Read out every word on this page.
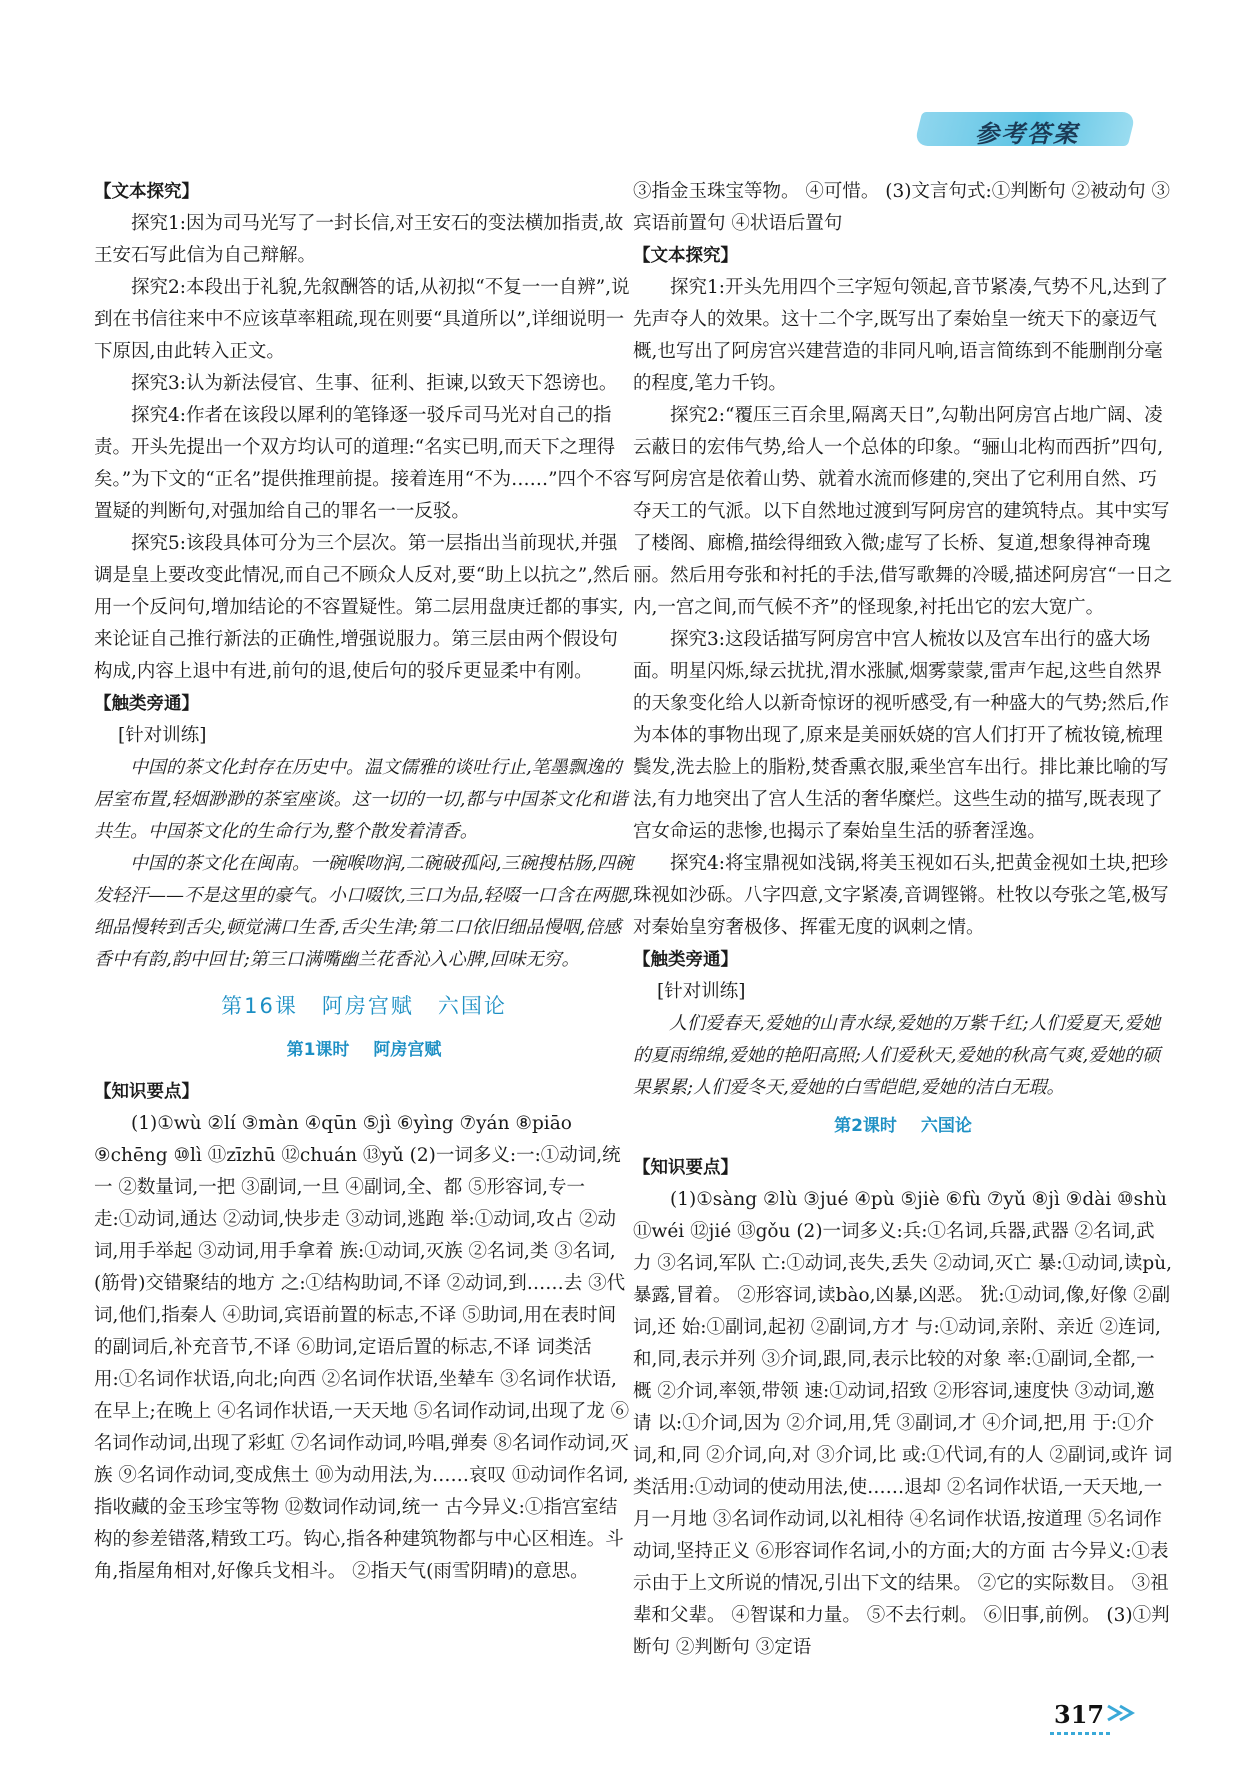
参考答案

【文本探究】

探究1:因为司马光写了一封长信,对王安石的变法横加指责,故王安石写此信为自己辩解。

探究2:本段出于礼貌,先叙酬答的话,从初拟“不复一一自辨”,说到在书信往来中不应该草率粗疏,现在则要“具道所以”,详细说明一下原因,由此转入正文。

探究3:认为新法侵官、生事、征利、拒谏,以致天下怨谤也。

探究4:作者在该段以犀利的笔锋逐一驳斥司马光对自己的指责。开头先提出一个双方均认可的道理:“名实已明,而天下之理得矣。”为下文的“正名”提供推理前提。接着连用“不为……”四个不容置疑的判断句,对强加给自己的罪名一一反驳。

探究5:该段具体可分为三个层次。第一层指出当前现状,并强调是皇上要改变此情况,而自己不顾众人反对,要“助上以抗之”,然后用一个反问句,增加结论的不容置疑性。第二层用盘庚迁都的事实,来论证自己推行新法的正确性,增强说服力。第三层由两个假设句构成,内容上退中有进,前句的退,使后句的驳斥更显柔中有刚。

【触类旁通】

[针对训练]

中国的茶文化封存在历史中。温文儒雅的谈吐行止,笔墨飘逸的居室布置,轻烟渺渺的茶室座谈。这一切的一切,都与中国茶文化和谐共生。中国茶文化的生命行为,整个散发着清香。

中国的茶文化在闽南。一碗喉吻润,二碗破孤闷,三碗搜枯肠,四碗发轻汗——不是这里的豪气。小口啜饮,三口为品,轻啜一口含在两腮,细品慢转到舌尖,顿觉满口生香,舌尖生津;第二口依旧细品慢咽,倍感香中有韵,韵中回甘;第三口满嘴幽兰花香沁入心脾,回味无穷。

第16课 阿房宫赋 六国论
第1课时 阿房宫赋

【知识要点】

(1)①wù ②lí ③màn ④qūn ⑤jì ⑥yìng ⑦yán ⑧piāo ⑨chēng ⑩lì ⑪zīzhū ⑫chuán ⑬yǔ (2)一词多义:一:①动词,统一 ②数量词,一把 ③副词,一旦 ④副词,全、都 ⑤形容词,专一 走:①动词,通达 ②动词,快步走 ③动词,逃跑 举:①动词,攻占 ②动词,用手举起 ③动词,用手拿着 族:①动词,灭族 ②名词,类 ③名词,(筋骨)交错聚结的地方 之:①结构助词,不译 ②动词,到……去 ③代词,他们,指秦人 ④助词,宾语前置的标志,不译 ⑤助词,用在表时间的副词后,补充音节,不译 ⑥助词,定语后置的标志,不译 词类活用:①名词作状语,向北;向西 ②名词作状语,坐辇车 ③名词作状语,在早上;在晚上 ④名词作状语,一天天地 ⑤名词作动词,出现了龙 ⑥名词作动词,出现了彩虹 ⑦名词作动词,吟唱,弹奏 ⑧名词作动词,灭族 ⑨名词作动词,变成焦土 ⑩为动用法,为……哀叹 ⑪动词作名词,指收藏的金玉珍宝等物 ⑫数词作动词,统一 古今异义:①指宫室结构的参差错落,精致工巧。钩心,指各种建筑物都与中心区相连。斗角,指屋角相对,好像兵戈相斗。 ②指天气(雨雪阴晴)的意思。

③指金玉珠宝等物。 ④可惜。 (3)文言句式:①判断句 ②被动句 ③宾语前置句 ④状语后置句

【文本探究】

探究1:开头先用四个三字短句领起,音节紧凑,气势不凡,达到了先声夺人的效果。这十二个字,既写出了秦始皇一统天下的豪迈气概,也写出了阿房宫兴建营造的非同凡响,语言简练到不能删削分毫的程度,笔力千钧。

探究2:“覆压三百余里,隔离天日”,勾勒出阿房宫占地广阔、凌云蔽日的宏伟气势,给人一个总体的印象。“骊山北构而西折”四句,写阿房宫是依着山势、就着水流而修建的,突出了它利用自然、巧夺天工的气派。以下自然地过渡到写阿房宫的建筑特点。其中实写了楼阁、廊檐,描绘得细致入微;虚写了长桥、复道,想象得神奇瑰丽。然后用夸张和衬托的手法,借写歌舞的冷暖,描述阿房宫“一日之内,一宫之间,而气候不齐”的怪现象,衬托出它的宏大宽广。

探究3:这段话描写阿房宫中宫人梳妆以及宫车出行的盛大场面。明星闪烁,绿云扰扰,渭水涨腻,烟雾蒙蒙,雷声乍起,这些自然界的天象变化给人以新奇惊讶的视听感受,有一种盛大的气势;然后,作为本体的事物出现了,原来是美丽妖娆的宫人们打开了梳妆镜,梳理鬓发,洗去脸上的脂粉,焚香熏衣服,乘坐宫车出行。排比兼比喻的写法,有力地突出了宫人生活的奢华糜烂。这些生动的描写,既表现了宫女命运的悲惨,也揭示了秦始皇生活的骄奢淫逸。

探究4:将宝鼎视如浅锅,将美玉视如石头,把黄金视如土块,把珍珠视如沙砾。八字四意,文字紧凑,音调铿锵。杜牧以夸张之笔,极写对秦始皇穷奢极侈、挥霍无度的讽刺之情。

【触类旁通】

[针对训练]

人们爱春天,爱她的山青水绿,爱她的万紫千红;人们爱夏天,爱她的夏雨绵绵,爱她的艳阳高照;人们爱秋天,爱她的秋高气爽,爱她的硕果累累;人们爱冬天,爱她的白雪皑皑,爱她的洁白无瑕。

第2课时 六国论

【知识要点】

(1)①sàng ②lù ③jué ④pù ⑤jiè ⑥fù ⑦yǔ ⑧jì ⑨dài ⑩shù ⑪wéi ⑫jié ⑬gǒu (2)一词多义:兵:①名词,兵器,武器 ②名词,武力 ③名词,军队 亡:①动词,丧失,丢失 ②动词,灭亡 暴:①动词,读pù,暴露,冒着。 ②形容词,读bào,凶暴,凶恶。 犹:①动词,像,好像 ②副词,还 始:①副词,起初 ②副词,方才 与:①动词,亲附、亲近 ②连词,和,同,表示并列 ③介词,跟,同,表示比较的对象 率:①副词,全都,一概 ②介词,率领,带领 速:①动词,招致 ②形容词,速度快 ③动词,邀请 以:①介词,因为 ②介词,用,凭 ③副词,才 ④介词,把,用 于:①介词,和,同 ②介词,向,对 ③介词,比 或:①代词,有的人 ②副词,或许 词类活用:①动词的使动用法,使……退却 ②名词作状语,一天天地,一月一月地 ③名词作动词,以礼相待 ④名词作状语,按道理 ⑤名词作动词,坚持正义 ⑥形容词作名词,小的方面;大的方面 古今异义:①表示由于上文所说的情况,引出下文的结果。 ②它的实际数目。 ③祖辈和父辈。 ④智谋和力量。 ⑤不去行刺。 ⑥旧事,前例。 (3)①判断句 ②判断句 ③定语

317
